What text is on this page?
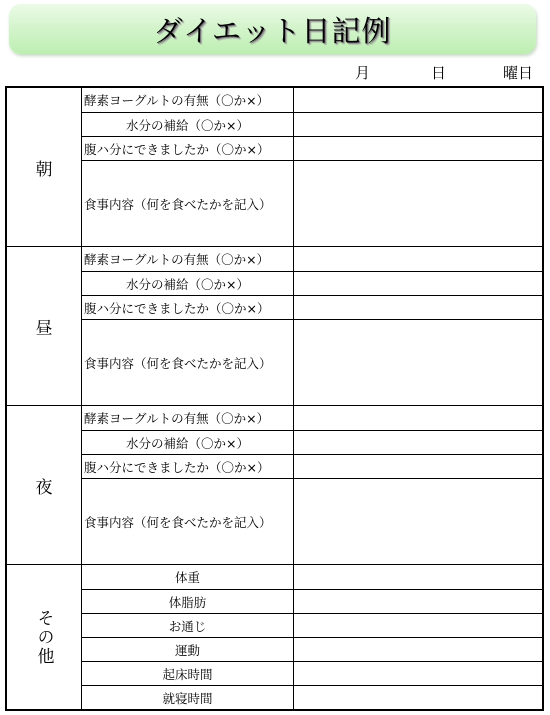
ダイエット日記例
月	日	曜日
朝
酵素ヨーグルトの有無（〇か×）
水分の補給（〇か×）
腹ハ分にできましたか（〇か×）
食事内容（何を食べたかを記入）
昼
酵素ヨーグルトの有無（〇か×）
水分の補給（〇か×）
腹ハ分にできましたか（〇か×）
食事内容（何を食べたかを記入）
夜
酵素ヨーグルトの有無（〇か×）
水分の補給（〇か×）
腹ハ分にできましたか（〇か×）
食事内容（何を食べたかを記入）
その他
体重
体脂肪
お通じ
運動
起床時間
就寝時間
